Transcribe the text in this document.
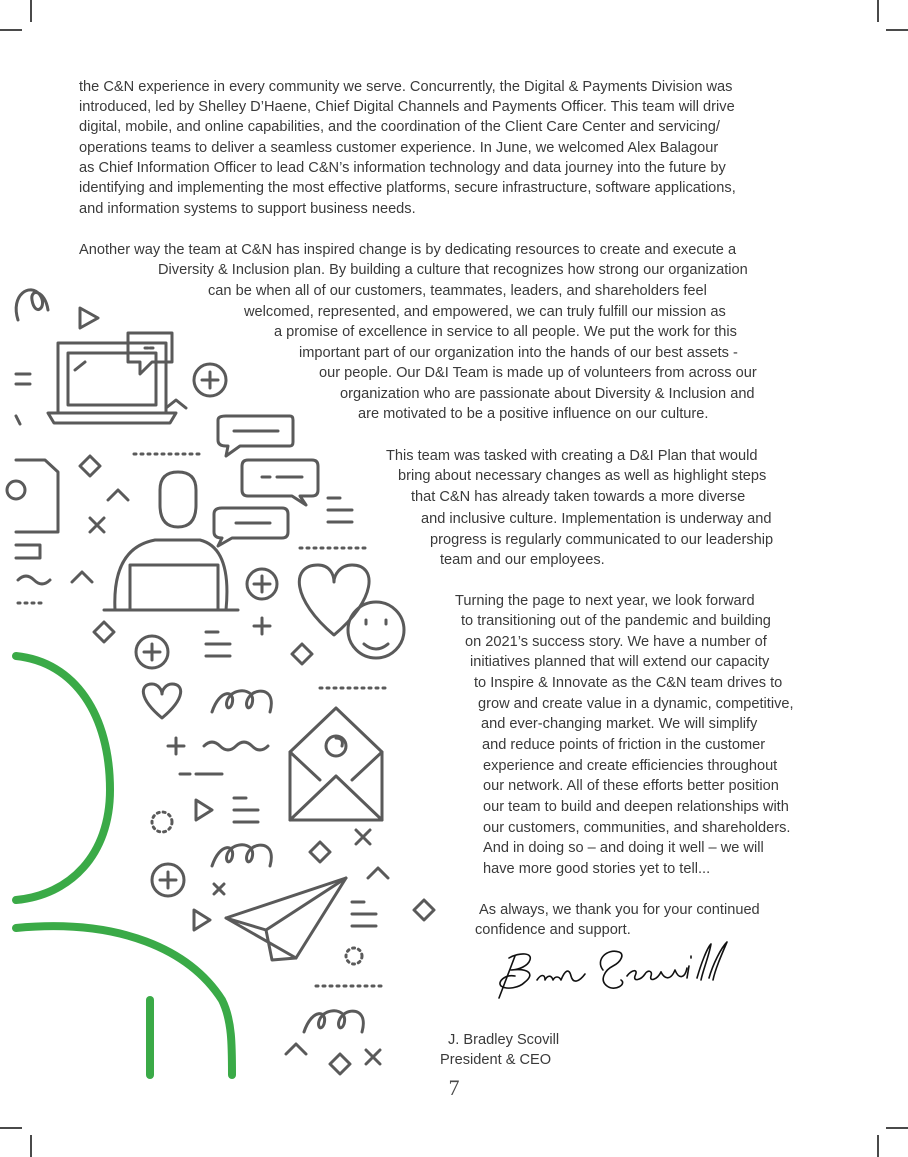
the C&N experience in every community we serve. Concurrently, the Digital & Payments Division was
introduced, led by Shelley D’Haene, Chief Digital Channels and Payments Officer. This team will drive
digital, mobile, and online capabilities, and the coordination of the Client Care Center and servicing/
operations teams to deliver a seamless customer experience. In June, we welcomed Alex Balagour
as Chief Information Officer to lead C&N’s information technology and data journey into the future by
identifying and implementing the most effective platforms, secure infrastructure, software applications,
and information systems to support business needs.
Another way the team at C&N has inspired change is by dedicating resources to create and execute a
Diversity & Inclusion plan. By building a culture that recognizes how strong our organization
can be when all of our customers, teammates, leaders, and shareholders feel
welcomed, represented, and empowered, we can truly fulfill our mission as
a promise of excellence in service to all people. We put the work for this
important part of our organization into the hands of our best assets -
our people. Our D&I Team is made up of volunteers from across our
organization who are passionate about Diversity & Inclusion and
are motivated to be a positive influence on our culture.
This team was tasked with creating a D&I Plan that would
bring about necessary changes as well as highlight steps
that C&N has already taken towards a more diverse
and inclusive culture. Implementation is underway and
progress is regularly communicated to our leadership
team and our employees.
Turning the page to next year, we look forward
to transitioning out of the pandemic and building
on 2021’s success story. We have a number of
initiatives planned that will extend our capacity
to Inspire & Innovate as the C&N team drives to
grow and create value in a dynamic, competitive,
and ever-changing market. We will simplify
and reduce points of friction in the customer
experience and create efficiencies throughout
our network. All of these efforts better position
our team to build and deepen relationships with
our customers, communities, and shareholders.
And in doing so – and doing it well – we will
have more good stories yet to tell...
As always, we thank you for your continued
confidence and support.
J. Bradley Scovill
President & CEO
7
